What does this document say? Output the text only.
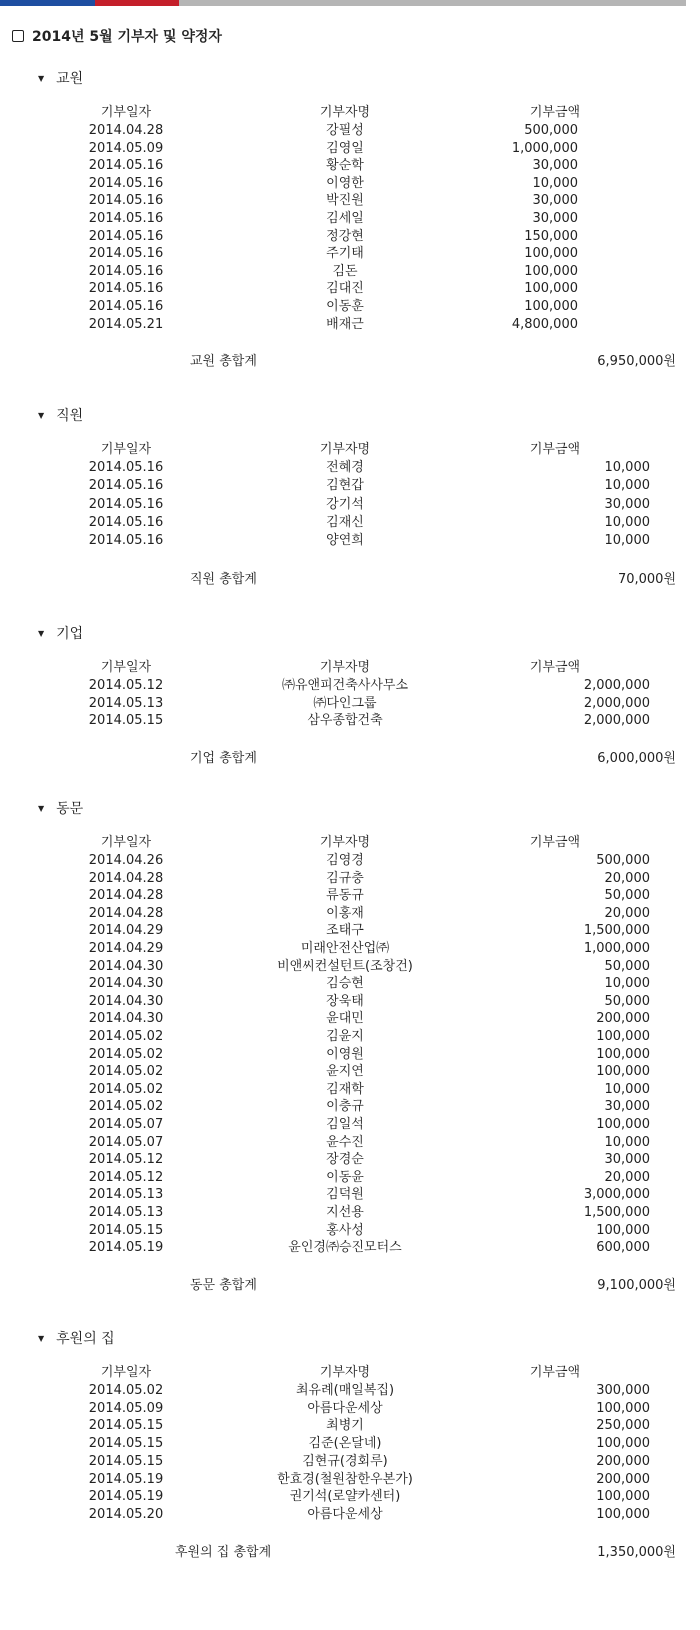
2014년 5월 기부자 및 약정자
▼ 교원
기부일자	기부자명	기부금액
2014.04.28	강필성	500,000
2014.05.09	김영일	1,000,000
2014.05.16	황순학	30,000
2014.05.16	이영한	10,000
2014.05.16	박진원	30,000
2014.05.16	김세일	30,000
2014.05.16	정강현	150,000
2014.05.16	주기태	100,000
2014.05.16	김돈	100,000
2014.05.16	김대진	100,000
2014.05.16	이동훈	100,000
2014.05.21	배재근	4,800,000
교원 총합계	6,950,000원
▼ 직원
기부일자	기부자명	기부금액
2014.05.16	전혜경	10,000
2014.05.16	김현갑	10,000
2014.05.16	강기석	30,000
2014.05.16	김재신	10,000
2014.05.16	양연희	10,000
직원 총합계	70,000원
▼ 기업
기부일자	기부자명	기부금액
2014.05.12	㈜유앤피건축사사무소	2,000,000
2014.05.13	㈜다인그룹	2,000,000
2014.05.15	삼우종합건축	2,000,000
기업 총합계	6,000,000원
▼ 동문
기부일자	기부자명	기부금액
2014.04.26	김영경	500,000
2014.04.28	김규충	20,000
2014.04.28	류동규	50,000
2014.04.28	이홍재	20,000
2014.04.29	조태구	1,500,000
2014.04.29	미래안전산업㈜	1,000,000
2014.04.30	비앤씨컨설턴트(조창건)	50,000
2014.04.30	김승현	10,000
2014.04.30	장욱태	50,000
2014.04.30	윤대민	200,000
2014.05.02	김윤지	100,000
2014.05.02	이영원	100,000
2014.05.02	윤지연	100,000
2014.05.02	김재학	10,000
2014.05.02	이충규	30,000
2014.05.07	김일석	100,000
2014.05.07	윤수진	10,000
2014.05.12	장경순	30,000
2014.05.12	이동윤	20,000
2014.05.13	김덕원	3,000,000
2014.05.13	지선용	1,500,000
2014.05.15	홍사성	100,000
2014.05.19	윤인경㈜승진모터스	600,000
동문 총합계	9,100,000원
▼ 후원의 집
기부일자	기부자명	기부금액
2014.05.02	최유례(매일복집)	300,000
2014.05.09	아름다운세상	100,000
2014.05.15	최병기	250,000
2014.05.15	김준(온달네)	100,000
2014.05.15	김현규(경회루)	200,000
2014.05.19	한효경(철원참한우본가)	200,000
2014.05.19	권기석(로얄카센터)	100,000
2014.05.20	아름다운세상	100,000
후원의 집 총합계	1,350,000원
